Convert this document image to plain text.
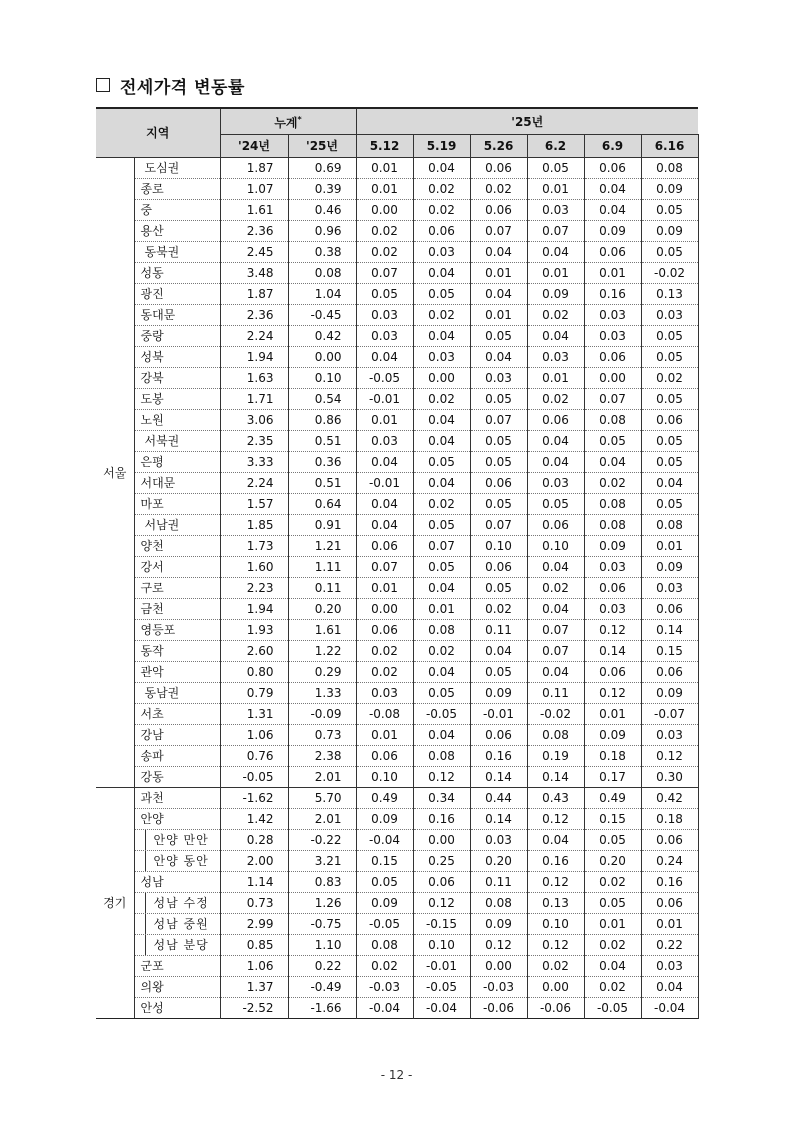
전세가격 변동률
지역		누계*		'25년					
		'24년	'25년	5.12	5.19	5.26	6.2	6.9	6.16
서울	도심권	1.87	0.69	0.01	0.04	0.06	0.05	0.06	0.08
	종로	1.07	0.39	0.01	0.02	0.02	0.01	0.04	0.09
	중	1.61	0.46	0.00	0.02	0.06	0.03	0.04	0.05
	용산	2.36	0.96	0.02	0.06	0.07	0.07	0.09	0.09
	동북권	2.45	0.38	0.02	0.03	0.04	0.04	0.06	0.05
	성동	3.48	0.08	0.07	0.04	0.01	0.01	0.01	-0.02
	광진	1.87	1.04	0.05	0.05	0.04	0.09	0.16	0.13
	동대문	2.36	-0.45	0.03	0.02	0.01	0.02	0.03	0.03
	중랑	2.24	0.42	0.03	0.04	0.05	0.04	0.03	0.05
	성북	1.94	0.00	0.04	0.03	0.04	0.03	0.06	0.05
	강북	1.63	0.10	-0.05	0.00	0.03	0.01	0.00	0.02
	도봉	1.71	0.54	-0.01	0.02	0.05	0.02	0.07	0.05
	노원	3.06	0.86	0.01	0.04	0.07	0.06	0.08	0.06
	서북권	2.35	0.51	0.03	0.04	0.05	0.04	0.05	0.05
	은평	3.33	0.36	0.04	0.05	0.05	0.04	0.04	0.05
	서대문	2.24	0.51	-0.01	0.04	0.06	0.03	0.02	0.04
	마포	1.57	0.64	0.04	0.02	0.05	0.05	0.08	0.05
	서남권	1.85	0.91	0.04	0.05	0.07	0.06	0.08	0.08
	양천	1.73	1.21	0.06	0.07	0.10	0.10	0.09	0.01
	강서	1.60	1.11	0.07	0.05	0.06	0.04	0.03	0.09
	구로	2.23	0.11	0.01	0.04	0.05	0.02	0.06	0.03
	금천	1.94	0.20	0.00	0.01	0.02	0.04	0.03	0.06
	영등포	1.93	1.61	0.06	0.08	0.11	0.07	0.12	0.14
	동작	2.60	1.22	0.02	0.02	0.04	0.07	0.14	0.15
	관악	0.80	0.29	0.02	0.04	0.05	0.04	0.06	0.06
	동남권	0.79	1.33	0.03	0.05	0.09	0.11	0.12	0.09
	서초	1.31	-0.09	-0.08	-0.05	-0.01	-0.02	0.01	-0.07
	강남	1.06	0.73	0.01	0.04	0.06	0.08	0.09	0.03
	송파	0.76	2.38	0.06	0.08	0.16	0.19	0.18	0.12
	강동	-0.05	2.01	0.10	0.12	0.14	0.14	0.17	0.30
경기	과천	-1.62	5.70	0.49	0.34	0.44	0.43	0.49	0.42
	안양	1.42	2.01	0.09	0.16	0.14	0.12	0.15	0.18
	안양 만안	0.28	-0.22	-0.04	0.00	0.03	0.04	0.05	0.06
	안양 동안	2.00	3.21	0.15	0.25	0.20	0.16	0.20	0.24
	성남	1.14	0.83	0.05	0.06	0.11	0.12	0.02	0.16
	성남 수정	0.73	1.26	0.09	0.12	0.08	0.13	0.05	0.06
	성남 중원	2.99	-0.75	-0.05	-0.15	0.09	0.10	0.01	0.01
	성남 분당	0.85	1.10	0.08	0.10	0.12	0.12	0.02	0.22
	군포	1.06	0.22	0.02	-0.01	0.00	0.02	0.04	0.03
	의왕	1.37	-0.49	-0.03	-0.05	-0.03	0.00	0.02	0.04
	안성	-2.52	-1.66	-0.04	-0.04	-0.06	-0.06	-0.05	-0.04
- 12 -
